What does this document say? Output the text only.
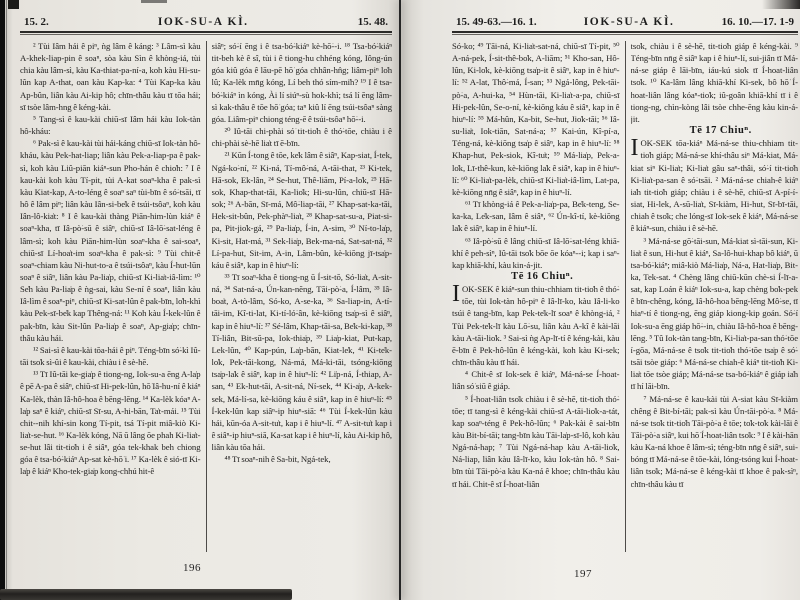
15. 2.	IOK-SU-A KÌ.	15. 48.

² Tùi Iâm hái ê piⁿ, ǹg lâm ê káng: ³ Lâm-sì kàu A-khek-liap-pin ê soaⁿ, sòa kàu Sìn ê khòng-iá, tùi chia kàu lâm-sì, kàu Ka-thiat-pa-ní-a, koh kàu Hi-su-lûn kap A-that, oan kàu Kap-ka: ⁴ Tùi Kap-ka kàu Ap-bûn, liân kàu Ai-kip hô; chīn-thâu kàu tī tōa hái; sī tsòe lâm-hng ê kéng-kài.

⁵ Tang-sì ê kau-kài chiū-sī Iâm hái kàu Iok-tàn hô-kháu:

⁶ Pak-sì ê kau-kài tùi hái-káng chiū-sī Iok-tàn hô-kháu, kàu Pek-hat-liap; liân kàu Pek-a-liap-pa ê pak-sì, koh kàu Liû-piān kiáⁿ-sun Pho-hán ê chio̍h: ⁷ I ê kau-kài koh kàu Tí-pit, tùi A-kat soaⁿ-kha ê pak-sì kàu Kiat-kap, A-to-léng ê soaⁿ saⁿ tùi-bīn ê só͘-tsāi, tī hô ê lâm piⁿ; liân kàu Iân-si-be̍k ê tsúi-tsôaⁿ, koh kàu Iân-lô-kia̍t: ⁸ I ê kau-kài thàng Piān-him-lùn kiáⁿ ê soaⁿ-kha, tī Iâ-pò͘-sū ê siâⁿ, chiū-sī Iâ-lō͘-sat-léng ê lâm-sì; koh kàu Piān-him-lùn soaⁿ-kha ê sai-soaⁿ, chiū-sī Lí-hoa̍t-im soaⁿ-kha ê pak-sì: ⁹ Tùi chit-ê soaⁿ-chiam kàu Ni-hut-to-a ê tsúi-tsôaⁿ, kàu Í-hut-lūn soaⁿ ê siâⁿ, liân kàu Pa-lia̍p, chiū-sī Ki-lia̍t-iâ-lìm: ¹⁰ Se̍h kàu Pa-lia̍p ê ǹg-sai, kàu Se-ní ê soaⁿ, liân kàu Iâ-lìm ê soaⁿ-piⁿ, chiū-sī Ki-sat-lûn ê pak-bīn, lo̍h-khì kàu Pek-sī-be̍k kap Thêng-ná: ¹¹ Koh kàu Í-kek-lûn ê pak-bīn, kàu Sit-lûn Pa-lia̍p ê soaⁿ, Ap-gia̍p; chīn-thâu kàu hái.

¹² Sai-sì ê kau-kài tōa-hái ê piⁿ. Téng-bīn só͘-kì Iû-tāi tso̍k sì-ûi ê kau-kài, chiàu i ê sè-hē.

¹³ Tī Iû-tāi ke-gia̍p ê tiong-ng, Iok-su-a ēng A-la̍p ê pē A-pa ê siâⁿ, chiū-sī Hi-pek-lûn, hō͘ Iâ-hu-ní ê kiáⁿ Ka-lèk, thàn Iâ-hô-hoa ê bēng-lēng. ¹⁴ Ka-lèk kóaⁿ A-la̍p saⁿ ê kiáⁿ, chiū-sī Sī-su, A-hi-bān, Ta̍t-mái. ¹⁵ Tùi chit--nih khí-sin kong Tí-pit, tsá Tí-pit miâ-kiò Ki-lia̍t-se-hut. ¹⁶ Ka-lèk kóng, Nā ū lâng ōe phah Ki-lia̍t-se-hut lâi tit-tio̍h i ê siâⁿ, góa tek-khak beh chiong góa ê tsa-bó͘-kiáⁿ Ap-sat kè-hō͘ i. ¹⁷ Ka-lèk ê sió-tī Ki-la̍p ê kiáⁿ Kho-tek-gia̍p kong-chhú hit-ê

siâⁿ; só͘-í ēng i ê tsa-bó͘-kiáⁿ kè-hō͘--i. ¹⁸ Tsa-bó͘-kiáⁿ tit-beh kè ê sî, tùi i ê tiong-hu chhéng kóng, Iông-ún góa kiû góa ê lāu-pē hō͘ góa chhân-hn̂g; liâm-piⁿ lo̍h lû; Ka-lèk mn̄g kóng, Lí beh thó sím-mi̍h? ¹⁹ I ê tsa-bó͘-kiáⁿ ìn kóng, Ài lí siúⁿ-sù hok-khì; tsá lí ēng lâm-sì kak-thâu ê tōe hō͘ góa; taⁿ kiû lí ēng tsúi-tsôaⁿ sàng góa. Liâm-piⁿ chiong téng-ē ê tsúi-tsôaⁿ hō͘--i.

²⁰ Iû-tāi chi-phài só͘ tit-tio̍h ê thó͘-tōe, chiàu i ê chi-phài sè-hē lia̍t tī ē-bīn.

²¹ Kūn Í-tong ê tōe, ke̍k lâm ê siâⁿ, Kap-siat, Í-tek, Ngá-ko͘-ní, ²² Ki-ná, Tí-mô͘-ná, A-tāi-that, ²³ Ki-tek, Hā-sok, Ek-lân, ²⁴ Se-hut, Thê-liām, Pí-a-lo̍k, ²⁵ Hā-sok, Khap-that-tāi, Ka-lio̍k; Hi-su-lûn, chiū-sī Hā-sok; ²⁶ A-bān, Sī-má, Mô͘-liap-tāi, ²⁷ Khap-sat-ka-tāi, Hek-sit-bûn, Pek-phàⁿ-lia̍t, ²⁸ Khap-sat-su-a, Piat-si-pa, Pit-jio̍k-gá, ²⁹ Pa-lia̍p, Í-in, A-sim, ³⁰ Ní-to-la̍p, Ki-sit, Hat-má, ³¹ Sek-lia̍p, Bek-ma-ná, Sat-sat-ná, ³² Lí-pa-hut, Sit-im, A-in, Lâm-bûn, kè-kiōng jī-tsa̍p-káu ê siâⁿ, kap in ê hiuⁿ-lí:

³³ Tī soaⁿ-kha ê tiong-ng ū Í-sit-tō, Só-lia̍t, A-sit-ná, ³⁴ Sat-ná-a, Ún-kan-nĕng, Tāi-pò͘-a, Í-lâm, ³⁵ Iâ-boa̍t, A-tò-lâm, Só-ko, A-se-ka, ³⁶ Sa-liap-in, A-tí-tāi-im, Kî-ti-lat, Ki-tí-ló͘-ân, kè-kiōng tsa̍p-sì ê siâⁿ, kap in ê hiuⁿ-lí: ³⁷ Sé-lâm, Khap-tāi-sa, Be̍k-ki-kap, ³⁸ Tí-liân, Bit-sū-pa, Iok-thia̍p, ³⁹ Lia̍p-kiat, Put-kap, Lek-lûn, ⁴⁰ Kap-pún, La̍p-bān, Kiat-le̍k, ⁴¹ Ki-te̍k-lo̍k, Pek-tāi-kong, Ná-má, Má-ki-tāi, tsóng-kiōng tsa̍p-la̍k ê siâⁿ, kap in ê hiuⁿ-lí: ⁴² Li̍p-ná, Í-thiap, A-san, ⁴³ Ek-hut-tāi, A-sit-ná, Ní-sek, ⁴⁴ Ki-a̍p, A-kek-sek, Má-lí-sa, kè-kiōng káu ê siâⁿ, kap in ê hiuⁿ-lí: ⁴⁵ Í-kek-lûn kap siâⁿ-ip hiuⁿ-siā: ⁴⁶ Tùi Í-kek-lûn kàu hái, kūn-óa A-sit-tu̍t, kap i ê hiuⁿ-lí. ⁴⁷ A-sit-tu̍t kap i ê siâⁿ-ip hiuⁿ-siā, Ka-sat kap i ê hiuⁿ-lí, kàu Ai-kip hô, liân kàu tōa hái.

⁴⁸ Tī soaⁿ-nih ê Sa-bit, Ngá-tek,

196
15. 49-63.—16. 1.	IOK-SU-A KÌ.	16. 10.—17. 1-9

Só-ko; ⁴⁹ Tāi-ná, Ki-lia̍t-sat-ná, chiū-sī Tí-pit, ⁵⁰ A-ná-pek, Í-sit-thê-bo̍k, A-liām; ⁵¹ Kho-san, Hô-lûn, Ki-lo̍k, kè-kiōng tsa̍p-it ê siâⁿ, kap in ê hiuⁿ-lí: ⁵² A-lat, Thô͘-má, Í-san; ⁵³ Ngá-lông, Pek-tāi-pò͘-a, A-hui-ka, ⁵⁴ Hùn-tāi, Ki-lia̍t-a-pa, chiū-sī Hi-pek-lûn, Se-o-ní, kè-kiōng káu ê siâⁿ, kap in ê hiuⁿ-lí: ⁵⁵ Má-hûn, Ka-bit, Se-hut, Jio̍k-tāi; ⁵⁶ Iâ-su-lia̍t, Iok-tiān, Sat-ná-a; ⁵⁷ Kai-ún, Kî-pí-a, Téng-ná, kè-kiōng tsa̍p ê siâⁿ, kap in ê hiuⁿ-lí: ⁵⁸ Khap-hut, Pek-siok, Kî-tu̍t; ⁵⁹ Má-lia̍p, Pek-a-lo̍k, Lī-thê-kun, kè-kiōng la̍k ê siâⁿ, kap in ê hiuⁿ-lí: ⁶⁰ Ki-lia̍t-pa-lèk, chiū-sī Ki-lia̍t-iâ-lìm, Lat-pa, kè-kiōng nn̄g ê siâⁿ, kap in ê hiuⁿ-lí.

⁶¹ Tī khòng-iá ê Pek-a-lia̍p-pa, Be̍k-teng, Se-ka-ka, Le̍k-san, Iâm ê siâⁿ, ⁶² Ún-kî-tí, kè-kiōng la̍k ê siâⁿ, kap in ê hiuⁿ-lí.

⁶³ Iâ-pò͘-sū ê lâng chiū-sī Iâ-lō͘-sat-léng khiā-khí ê peh-sìⁿ, Iû-tāi tso̍k bōe ōe kóaⁿ--i; kap i saⁿ-kap khiā-khí, kàu kin-á-jit.

Tē 16 Chiuⁿ.

IOK-SEK ê kiáⁿ-sun thiu-chhiam tit-tio̍h ê thó͘-tōe, tùi Iok-tàn hô-piⁿ ê Iâ-lī-ko, kàu Iâ-li-ko tsúi ê tang-bīn, kap Pek-te̍k-lī soaⁿ ê khòng-iá, ² Tùi Pek-te̍k-lī kàu Lō͘-su, liân kàu A-kî ê kài-lāi kàu A-tāi-lio̍k. ³ Sai-sì ǹg Ap-lī-tí ê kéng-kài, kàu ē-bīn ê Pek-hô-lûn ê kéng-kài, koh kàu Ki-sek; chīn-thâu kàu tī hái.

⁴ Chit-ê sī Iok-sek ê kiáⁿ, Má-ná-se Í-hoat-liân só͘ siū ê giáp.

⁵ Í-hoat-liân tso̍k chiàu i ê sè-hē, tit-tio̍h thó͘-tōe; tī tang-sì ê kéng-kài chiū-sī A-tāi-lio̍k-a-tát, kap soaⁿ-téng ê Pek-hô-lûn; ⁶ Pak-kài ê sai-bīn kàu Bit-bí-tāi; tang-bīn kàu Tāi-la̍p-sī-lô, koh kàu Ngá-ná-hap; ⁷ Tùi Ngá-ná-hap kàu A-tāi-lio̍k, Ná-liap, liân kàu Iâ-lī-ko, kàu Iok-tàn hô. ⁸ Sai-bīn tùi Tāi-pò͘-a kàu Ka-ná ê khoe; chīn-thâu kàu tī hái. Chit-ê sī Í-hoat-liân

tso̍k, chiàu i ê sè-hē, tit-tio̍h giáp ê kéng-kài. ⁹ Téng-bīn nn̄g ê siâⁿ kap i ê hiuⁿ-lí, sui-jiân tī Má-ná-se giáp ê lāi-bīn, iáu-kú sio̍k tī Í-hoat-liân tso̍k. ¹⁰ Ka-lâm lâng khiā-khí Ki-sek, bô hō͘ Í-hoat-liân lâng kóaⁿ-tio̍k; iû-goân khiā-khí tī i ê tiong-ng, chìn-kòng lâi tsòe chhe-ēng kàu kin-á-jit.

Tē 17 Chiuⁿ.

IOK-SEK tōa-kiáⁿ Má-ná-se thiu-chhiam tit-tio̍h giáp; Má-ná-se khí-thâu siⁿ Má-kiat, Má-kiat siⁿ Ki-lia̍t; Ki-lia̍t gâu saⁿ-thâi, só͘-í tit-tio̍h Ki-lia̍t-pa-san ê só͘-tsāi. ² Má-ná-se chiah-ê kiáⁿ ia̍h tit-tio̍h giáp; chiàu i ê sè-hē, chiū-sī A-pí-í-siat, Hi-lek, A-sū-lia̍t, Sī-kiàm, Hi-hut, Sī-bī-tāi, chiah ê tso̍k; che lóng-sī Iok-sek ê kiáⁿ, Má-ná-se ê kiáⁿ-sun, chiàu i ê sè-hē.

³ Má-ná-se gō͘-tāi-sun, Má-kiat sì-tāi-sun, Ki-lia̍t ê sun, Hi-hut ê kiáⁿ, Sa-lô-hui-khap bô kiáⁿ, ū tsa-bó͘-kiáⁿ; miâ-kiò Má-lia̍p, Ná-a, Hat-lia̍p, Bit-ka, Tek-sat. ⁴ Chèng lâng chiū-kūn chè-si Í-lī-a-sat, kap Loán ê kiáⁿ Iok-su-a, kap chèng bo̍k-pek ê bīn-chêng, kóng, Iâ-hô-hoa bēng-lēng Mô͘-se, tī hiaⁿ-tí ê tiong-ng, ēng giáp kiong-kip goán. Só͘-í Iok-su-a ēng giáp hō͘--in, chiàu Iâ-hô-hoa ê bēng-lēng. ⁵ Tû Iok-tàn tang-bīn, Ki-lia̍t-pa-san thó͘-tōe í-gōa, Má-ná-se ê tso̍k tit-tio̍h thó͘-tōe tsa̍p ê só͘-tsāi tsòe giáp: ⁶ Má-ná-se chiah-ê kiáⁿ tit-tio̍h Ki-lia̍t tōe tsòe giáp; Má-ná-se tsa-bó͘-kiáⁿ ê giáp ia̍h tī hí lāi-bīn.

⁷ Má-ná-se ê kau-kài tùi A-siat kàu Sī-kiàm chêng ê Bit-bí-tāi; pak-sì kàu Ún-tāi-pò͘-a. ⁸ Má-ná-se tso̍k tit-tio̍h Tāi-pò͘-a ê tōe; to̍k-to̍k kài-lāi ê Tāi-pò͘-a siâⁿ, kui hō͘ Í-hoat-liân tso̍k: ⁹ I ê kài-hān kàu Ka-ná khoe ê lâm-sì; téng-bīn nn̄g ê siâⁿ, sui-bóng tī Má-ná-se ê tōe-kài, lóng-tsóng kui Í-hoat-liân tso̍k; Má-ná-se ê kéng-kài tī khoe ê pak-sìⁿ, chīn-thâu kàu tī

197
